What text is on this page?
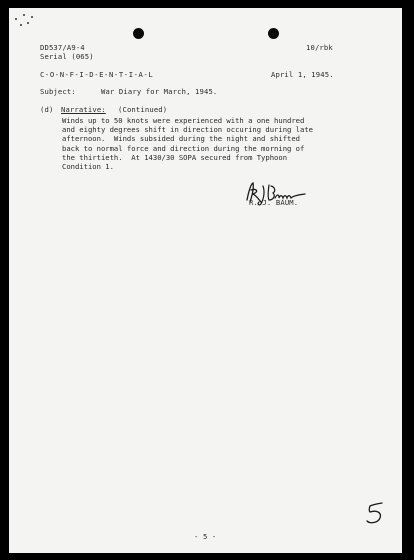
DD537/A9-4
Serial (065)
10/rbk
C-O-N-F-I-D-E-N-T-I-A-L	April 1, 1945.
Subject:	War Diary for March, 1945.
(d) Narrative: (Continued)
Winds up to 50 knots were experienced with a one hundred
and eighty degrees shift in direction occuring during late
afternoon.  Winds subsided during the night and shifted
back to normal force and direction during the morning of
the thirtieth.  At 1430/30 SOPA secured from Typhoon
Condition 1.
R. J. BAUM.
- 5 -
